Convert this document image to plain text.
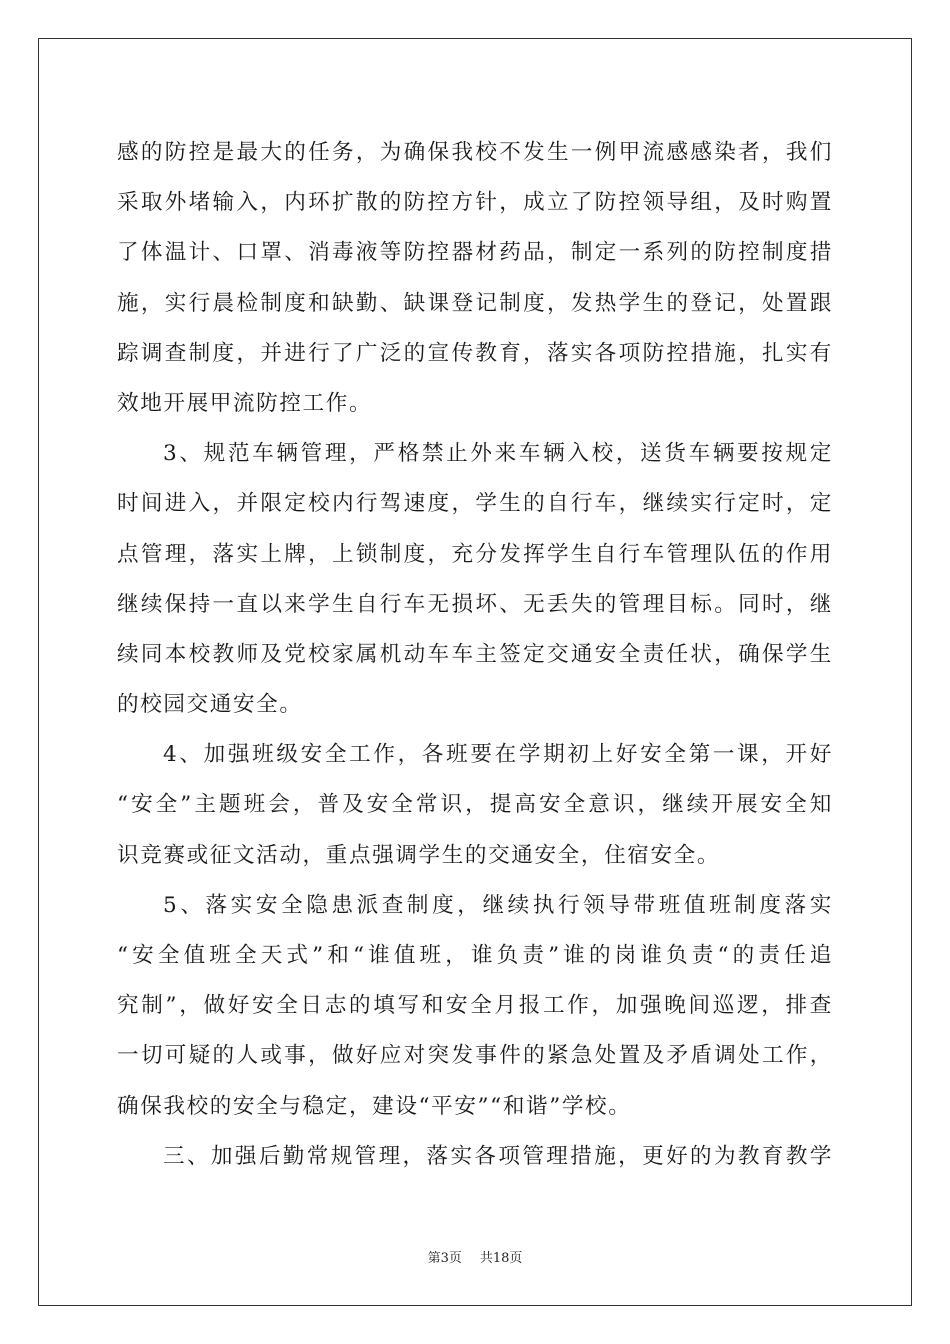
感的防控是最大的任务，为确保我校不发生一例甲流感感染者，我们
采取外堵输入，内环扩散的防控方针，成立了防控领导组，及时购置
了体温计、口罩、消毒液等防控器材药品，制定一系列的防控制度措
施，实行晨检制度和缺勤、缺课登记制度，发热学生的登记，处置跟
踪调查制度，并进行了广泛的宣传教育，落实各项防控措施，扎实有
效地开展甲流防控工作。
3、规范车辆管理，严格禁止外来车辆入校，送货车辆要按规定
时间进入，并限定校内行驾速度，学生的自行车，继续实行定时，定
点管理，落实上牌，上锁制度，充分发挥学生自行车管理队伍的作用
继续保持一直以来学生自行车无损坏、无丢失的管理目标。同时，继
续同本校教师及党校家属机动车车主签定交通安全责任状，确保学生
的校园交通安全。
4、加强班级安全工作，各班要在学期初上好安全第一课，开好
“安全”主题班会，普及安全常识，提高安全意识，继续开展安全知
识竞赛或征文活动，重点强调学生的交通安全，住宿安全。
5、落实安全隐患派查制度，继续执行领导带班值班制度落实
“安全值班全天式”和“谁值班，谁负责”谁的岗谁负责“的责任追
究制”，做好安全日志的填写和安全月报工作，加强晚间巡逻，排查
一切可疑的人或事，做好应对突发事件的紧急处置及矛盾调处工作，
确保我校的安全与稳定，建设“平安”“和谐”学校。
三、加强后勤常规管理，落实各项管理措施，更好的为教育教学
第3页 共18页
